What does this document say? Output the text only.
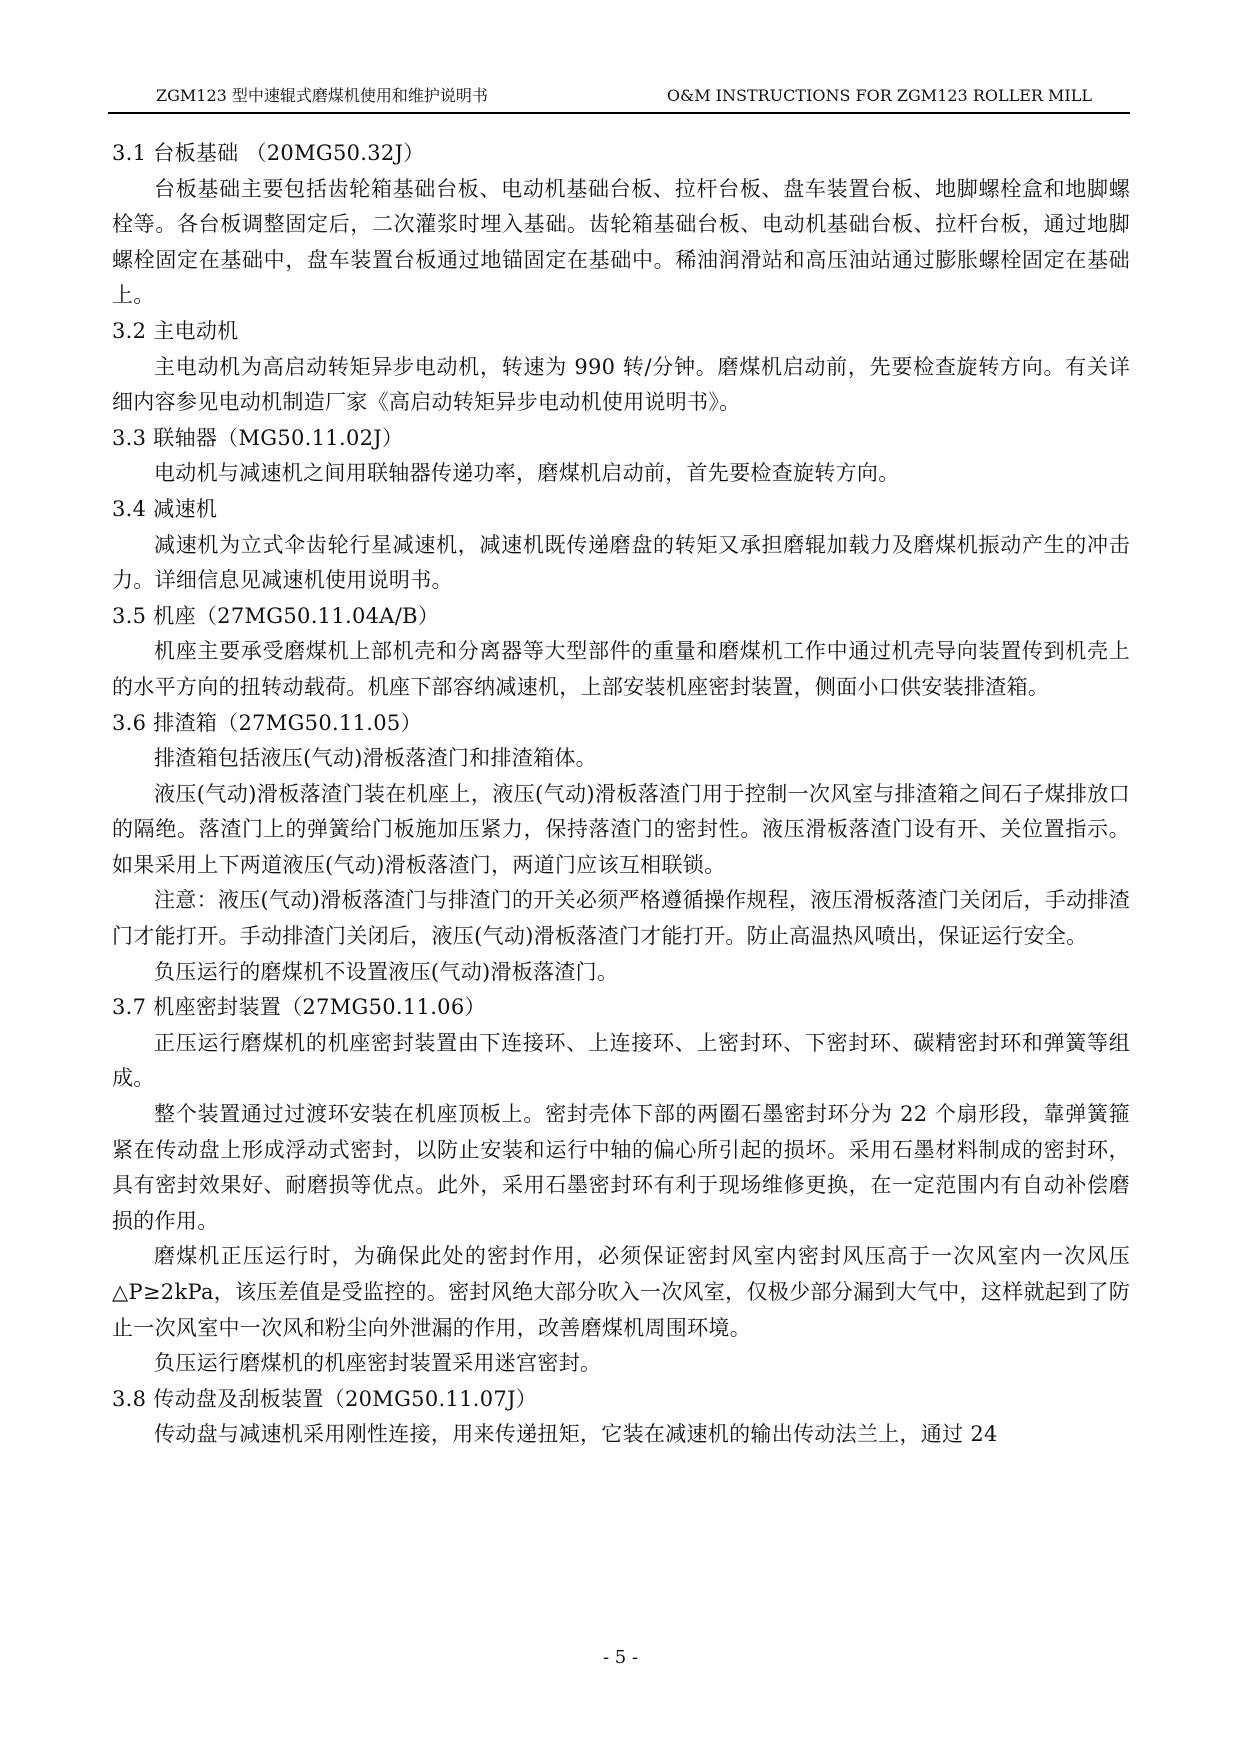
ZGM123 型中速辊式磨煤机使用和维护说明书	O&M INSTRUCTIONS FOR ZGM123 ROLLER MILL

3.1 台板基础 （20MG50.32J）

台板基础主要包括齿轮箱基础台板、电动机基础台板、拉杆台板、盘车装置台板、地脚螺栓盒和地脚螺栓等。各台板调整固定后，二次灌浆时埋入基础。齿轮箱基础台板、电动机基础台板、拉杆台板，通过地脚螺栓固定在基础中，盘车装置台板通过地锚固定在基础中。稀油润滑站和高压油站通过膨胀螺栓固定在基础上。

3.2 主电动机

主电动机为高启动转矩异步电动机，转速为 990 转/分钟。磨煤机启动前，先要检查旋转方向。有关详细内容参见电动机制造厂家《高启动转矩异步电动机使用说明书》。

3.3 联轴器（MG50.11.02J）

电动机与减速机之间用联轴器传递功率，磨煤机启动前，首先要检查旋转方向。

3.4 减速机

减速机为立式伞齿轮行星减速机，减速机既传递磨盘的转矩又承担磨辊加载力及磨煤机振动产生的冲击力。详细信息见减速机使用说明书。

3.5 机座（27MG50.11.04A/B）

机座主要承受磨煤机上部机壳和分离器等大型部件的重量和磨煤机工作中通过机壳导向装置传到机壳上的水平方向的扭转动载荷。机座下部容纳减速机，上部安装机座密封装置，侧面小口供安装排渣箱。

3.6 排渣箱（27MG50.11.05）

排渣箱包括液压(气动)滑板落渣门和排渣箱体。

液压(气动)滑板落渣门装在机座上，液压(气动)滑板落渣门用于控制一次风室与排渣箱之间石子煤排放口的隔绝。落渣门上的弹簧给门板施加压紧力，保持落渣门的密封性。液压滑板落渣门设有开、关位置指示。如果采用上下两道液压(气动)滑板落渣门，两道门应该互相联锁。

注意：液压(气动)滑板落渣门与排渣门的开关必须严格遵循操作规程，液压滑板落渣门关闭后，手动排渣门才能打开。手动排渣门关闭后，液压(气动)滑板落渣门才能打开。防止高温热风喷出，保证运行安全。

负压运行的磨煤机不设置液压(气动)滑板落渣门。

3.7 机座密封装置（27MG50.11.06）

正压运行磨煤机的机座密封装置由下连接环、上连接环、上密封环、下密封环、碳精密封环和弹簧等组成。

整个装置通过过渡环安装在机座顶板上。密封壳体下部的两圈石墨密封环分为 22 个扇形段，靠弹簧箍紧在传动盘上形成浮动式密封，以防止安装和运行中轴的偏心所引起的损坏。采用石墨材料制成的密封环，具有密封效果好、耐磨损等优点。此外，采用石墨密封环有利于现场维修更换，在一定范围内有自动补偿磨损的作用。

磨煤机正压运行时，为确保此处的密封作用，必须保证密封风室内密封风压高于一次风室内一次风压△P≥2kPa，该压差值是受监控的。密封风绝大部分吹入一次风室，仅极少部分漏到大气中，这样就起到了防止一次风室中一次风和粉尘向外泄漏的作用，改善磨煤机周围环境。

负压运行磨煤机的机座密封装置采用迷宫密封。

3.8 传动盘及刮板装置（20MG50.11.07J）

传动盘与减速机采用刚性连接，用来传递扭矩，它装在减速机的输出传动法兰上，通过 24

- 5 -
